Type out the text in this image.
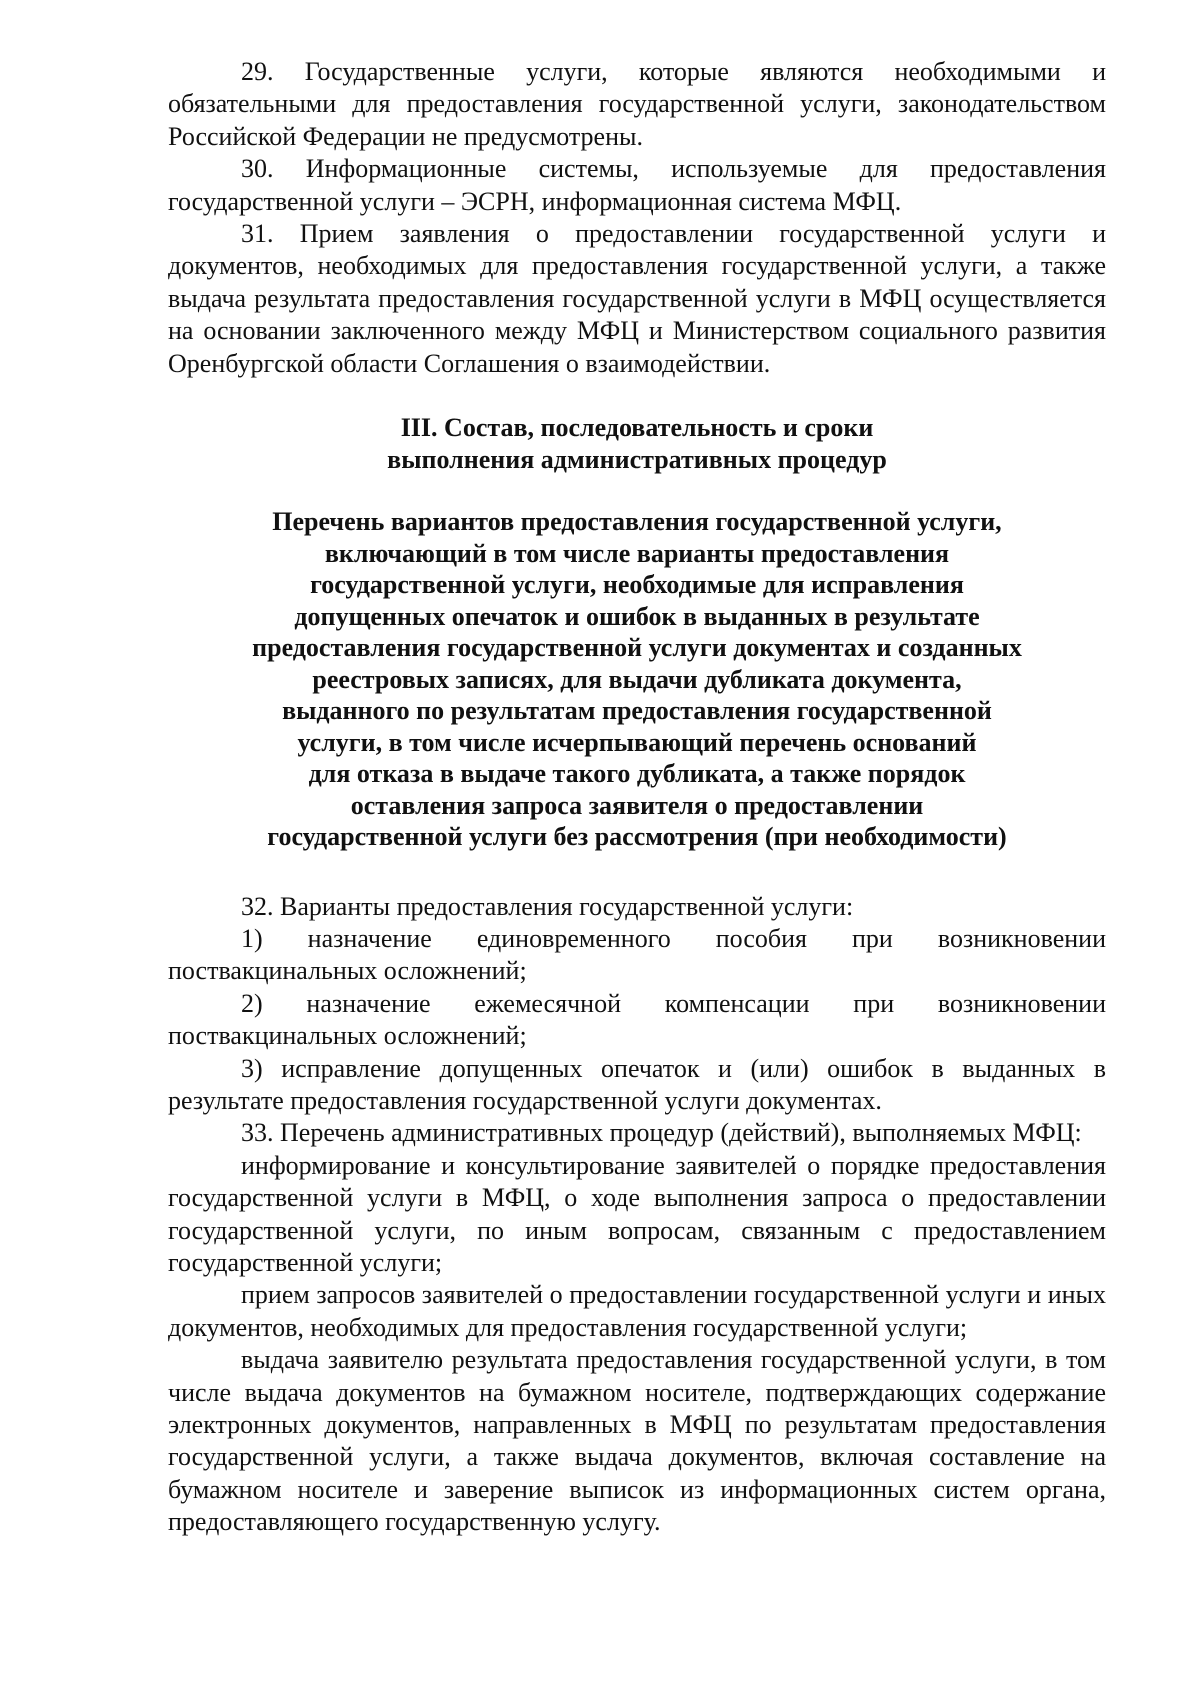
29. Государственные услуги, которые являются необходимыми и обязательными для предоставления государственной услуги, законодательством Российской Федерации не предусмотрены.

30. Информационные системы, используемые для предоставления государственной услуги – ЭСРН, информационная система МФЦ.

31. Прием заявления о предоставлении государственной услуги и документов, необходимых для предоставления государственной услуги, а также выдача результата предоставления государственной услуги в МФЦ осуществляется на основании заключенного между МФЦ и Министерством социального развития Оренбургской области Соглашения о взаимодействии.

III. Состав, последовательность и сроки
выполнения административных процедур
Перечень вариантов предоставления государственной услуги,
включающий в том числе варианты предоставления
государственной услуги, необходимые для исправления
допущенных опечаток и ошибок в выданных в результате
предоставления государственной услуги документах и созданных
реестровых записях, для выдачи дубликата документа,
выданного по результатам предоставления государственной
услуги, в том числе исчерпывающий перечень оснований
для отказа в выдаче такого дубликата, а также порядок
оставления запроса заявителя о предоставлении
государственной услуги без рассмотрения (при необходимости)

32. Варианты предоставления государственной услуги:

1) назначение единовременного пособия при возникновении поствакцинальных осложнений;

2) назначение ежемесячной компенсации при возникновении поствакцинальных осложнений;

3) исправление допущенных опечаток и (или) ошибок в выданных в результате предоставления государственной услуги документах.

33. Перечень административных процедур (действий), выполняемых МФЦ:

информирование и консультирование заявителей о порядке предоставления государственной услуги в МФЦ, о ходе выполнения запроса о предоставлении государственной услуги, по иным вопросам, связанным с предоставлением государственной услуги;

прием запросов заявителей о предоставлении государственной услуги и иных документов, необходимых для предоставления государственной услуги;

выдача заявителю результата предоставления государственной услуги, в том числе выдача документов на бумажном носителе, подтверждающих содержание электронных документов, направленных в МФЦ по результатам предоставления государственной услуги, а также выдача документов, включая составление на бумажном носителе и заверение выписок из информационных систем органа, предоставляющего государственную услугу.
